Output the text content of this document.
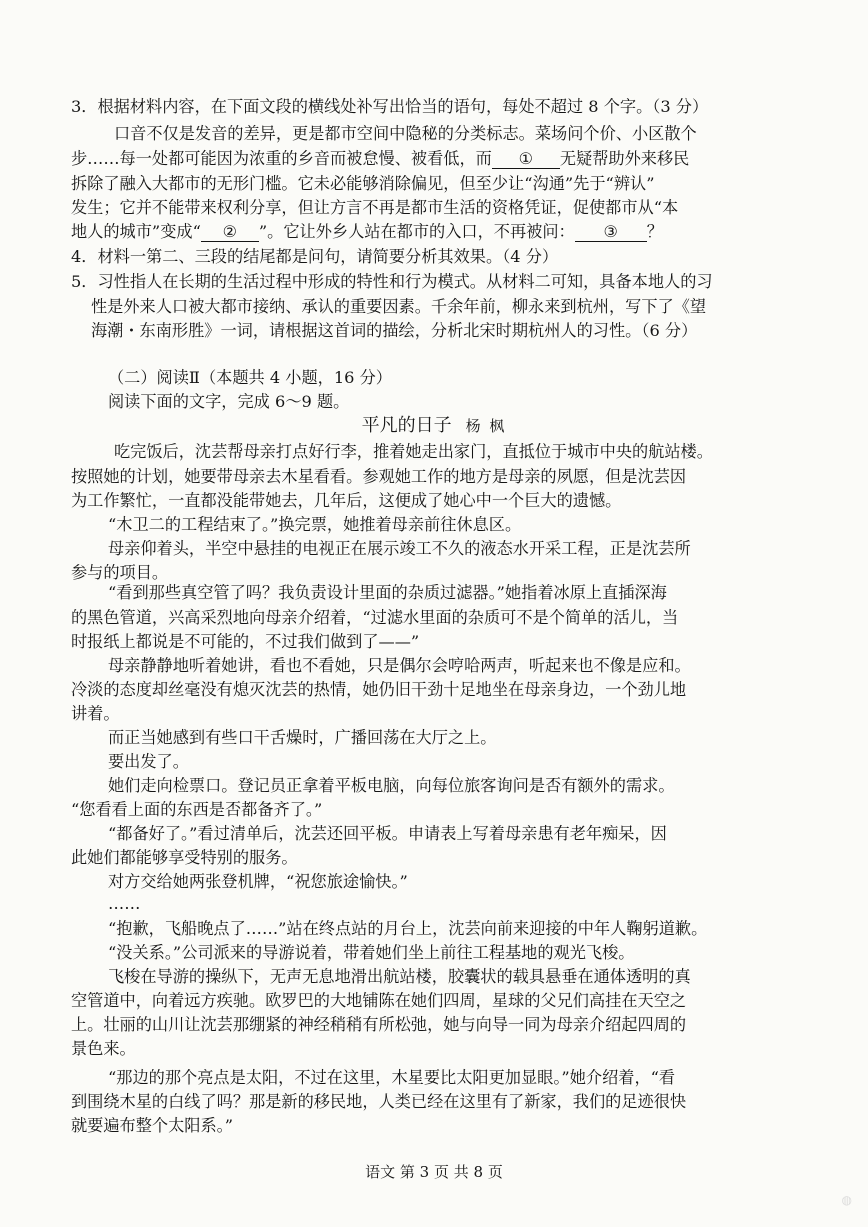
3．根据材料内容，在下面文段的横线处补写出恰当的语句，每处不超过 8 个字。（3 分）
口音不仅是发音的差异，更是都市空间中隐秘的分类标志。菜场问个价、小区散个
步……每一处都可能因为浓重的乡音而被怠慢、被看低，而 ① 无疑帮助外来移民
拆除了融入大都市的无形门槛。它未必能够消除偏见，但至少让“沟通”先于“辨认”
发生；它并不能带来权利分享，但让方言不再是都市生活的资格凭证，促使都市从“本
地人的城市”变成“ ② ”。它让外乡人站在都市的入口，不再被问： ③ ？
4．材料一第二、三段的结尾都是问句，请简要分析其效果。（4 分）
5．习性指人在长期的生活过程中形成的特性和行为模式。从材料二可知，具备本地人的习
性是外来人口被大都市接纳、承认的重要因素。千余年前，柳永来到杭州，写下了《望
海潮・东南形胜》一词，请根据这首词的描绘，分析北宋时期杭州人的习性。（6 分）
（二）阅读Ⅱ（本题共 4 小题，16 分）
阅读下面的文字，完成 6～9 题。
平凡的日子 杨 枫
吃完饭后，沈芸帮母亲打点好行李，推着她走出家门，直抵位于城市中央的航站楼。
按照她的计划，她要带母亲去木星看看。参观她工作的地方是母亲的夙愿，但是沈芸因
为工作繁忙，一直都没能带她去，几年后，这便成了她心中一个巨大的遗憾。
“木卫二的工程结束了。”换完票，她推着母亲前往休息区。
母亲仰着头，半空中悬挂的电视正在展示竣工不久的液态水开采工程，正是沈芸所
参与的项目。
“看到那些真空管了吗？我负责设计里面的杂质过滤器。”她指着冰原上直插深海
的黑色管道，兴高采烈地向母亲介绍着，“过滤水里面的杂质可不是个简单的活儿，当
时报纸上都说是不可能的，不过我们做到了——”
母亲静静地听着她讲，看也不看她，只是偶尔会哼哈两声，听起来也不像是应和。
冷淡的态度却丝毫没有熄灭沈芸的热情，她仍旧干劲十足地坐在母亲身边，一个劲儿地
讲着。
而正当她感到有些口干舌燥时，广播回荡在大厅之上。
要出发了。
她们走向检票口。登记员正拿着平板电脑，向每位旅客询问是否有额外的需求。
“您看看上面的东西是否都备齐了。”
“都备好了。”看过清单后，沈芸还回平板。申请表上写着母亲患有老年痴呆，因
此她们都能够享受特别的服务。
对方交给她两张登机牌，“祝您旅途愉快。”
……
“抱歉，飞船晚点了……”站在终点站的月台上，沈芸向前来迎接的中年人鞠躬道歉。
“没关系。”公司派来的导游说着，带着她们坐上前往工程基地的观光飞梭。
飞梭在导游的操纵下，无声无息地滑出航站楼，胶囊状的载具悬垂在通体透明的真
空管道中，向着远方疾驰。欧罗巴的大地铺陈在她们四周，星球的父兄们高挂在天空之
上。壮丽的山川让沈芸那绷紧的神经稍稍有所松弛，她与向导一同为母亲介绍起四周的
景色来。
“那边的那个亮点是太阳，不过在这里，木星要比太阳更加显眼。”她介绍着，“看
到围绕木星的白线了吗？那是新的移民地，人类已经在这里有了新家，我们的足迹很快
就要遍布整个太阳系。”
语文 第 3 页 共 8 页
◍
